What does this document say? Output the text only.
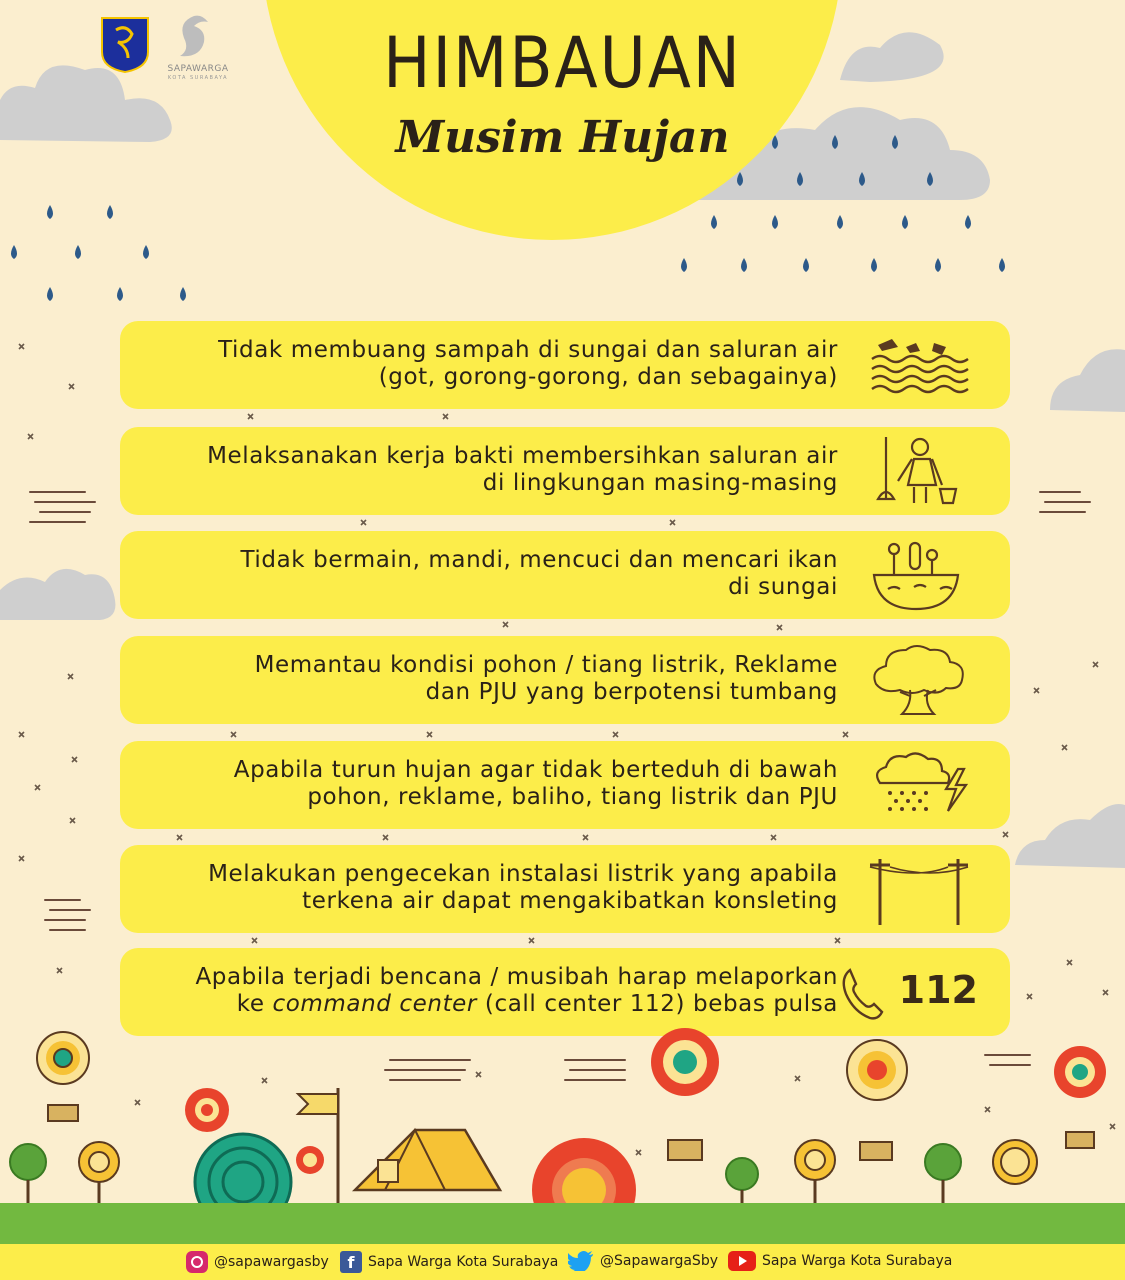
SAPAWARGA
KOTA SURABAYA	HIMBAUAN
Musim Hujan
Tidak membuang sampah di sungai dan saluran air
(got, gorong-gorong, dan sebagainya)
Melaksanakan kerja bakti membersihkan saluran air
di lingkungan masing-masing
Tidak bermain, mandi, mencuci dan mencari ikan
di sungai
Memantau kondisi pohon / tiang listrik, Reklame
dan PJU yang berpotensi tumbang
Apabila turun hujan agar tidak berteduh di bawah
pohon, reklame, baliho, tiang listrik dan PJU
Melakukan pengecekan instalasi listrik yang apabila
terkena air dapat mengakibatkan konsleting
Apabila terjadi bencana / musibah harap melaporkan
ke command center (call center 112) bebas pulsa 112
@sapawargasby	f Sapa Warga Kota Surabaya	@SapawargaSby	Sapa Warga Kota Surabaya
